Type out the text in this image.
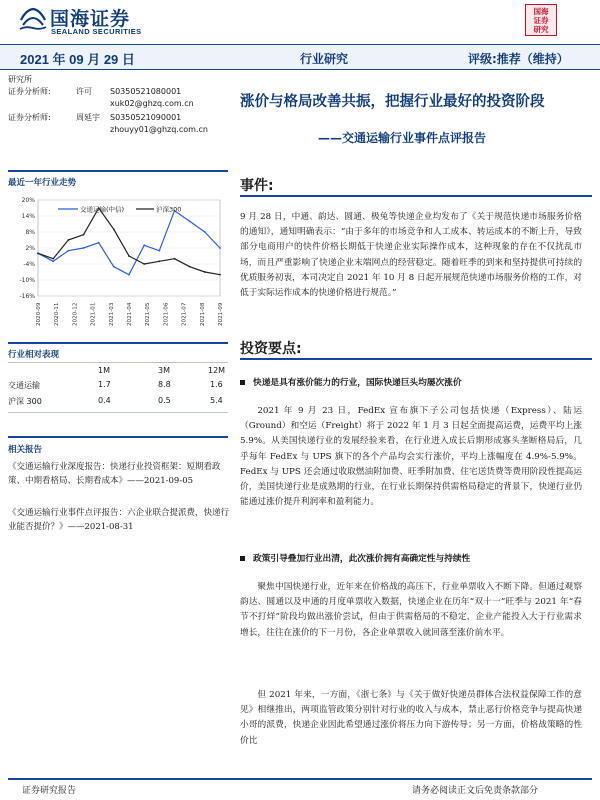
国海证券
SEALAND SECURITIES
国海
证券
研究
2021 年 09 月 29 日	行业研究	评级:推荐（维持）
研究所
证券分析师:	许可 S0350521080001
xuk02@ghzq.com.cn
证券分析师:	周延宇 S0350521090001
zhouyy01@ghzq.com.cn
最近一年行业走势
-16%
-10%
-4%
2%
8%
14%
20%
2020-09 2020-11 2020-12 2021-01 2021-03 2021-04 2021-05 2021-06 2021-07 2021-08 2021-09
交通运输(中信)	沪深300
行业相对表现
1M	3M	12M
交通运输	1.7	8.8	1.6
沪深 300	0.4	0.5	5.4
相关报告
《交通运输行业深度报告：快递行业投资框架：短期看政策、中期看格局、长期看成本》——2021-09-05
《交通运输行业事件点评报告：六企业联合提派费，快递行业能否提价？》——2021-08-31
涨价与格局改善共振，把握行业最好的投资阶段
——交通运输行业事件点评报告
事件:
9 月 28 日，中通、韵达、圆通、极兔等快递企业均发布了《关于规范快递市场服务价格的通知》，通知明确表示：“由于多年的市场竞争和人工成本、转运成本的不断上升，导致部分电商用户的快件价格长期低于快递企业实际操作成本，这种现象的存在不仅扰乱市场，而且严重影响了快递企业末端网点的经营稳定。随着旺季的到来和坚持提供可持续的优质服务初衷，本司决定自 2021 年 10 月 8 日起开展规范快递市场服务价格的工作，对低于实际运作成本的快递价格进行规范。”
投资要点:
快递是具有涨价能力的行业，国际快递巨头均屡次涨价
2021 年 9 月 23 日，FedEx 宣布旗下子公司包括快递（Express）、陆运（Ground）和空运（Freight）将于 2022 年 1 月 3 日起全面提高运费，运费平均上涨 5.9%。从美国快递行业的发展经验来看，在行业进入成长后期形成寡头垄断格局后，几乎每年 FedEx 与 UPS 旗下的各个产品均会实行涨价，平均上涨幅度在 4.9%-5.9%。FedEx 与 UPS 还会通过收取燃油附加费、旺季附加费、住宅送货费等费用阶段性提高运价，美国快递行业是成熟期的行业，在行业长期保持供需格局稳定的背景下，快递行业仍能通过涨价提升利润率和盈利能力。
政策引导叠加行业出清，此次涨价拥有高确定性与持续性
聚焦中国快递行业，近年来在价格战的高压下，行业单票收入不断下降。但通过观察韵达、圆通以及申通的月度单票收入数据，快递企业在历年“双十一”旺季与 2021 年“春节不打烊”阶段均做出涨价尝试，但由于供需格局的不稳定，企业产能投入大于行业需求增长，往往在涨价的下一月份，各企业单票收入就回落至涨价前水平。
但 2021 年来，一方面，《浙七条》与《关于做好快递员群体合法权益保障工作的意见》相继推出，两项监管政策分别针对行业的收入与成本，禁止恶行价格竞争与提高快递小哥的派费，快递企业因此希望通过涨价将压力向下游传导；另一方面，价格战策略的性价比
证券研究报告	请务必阅读正文后免责条款部分
